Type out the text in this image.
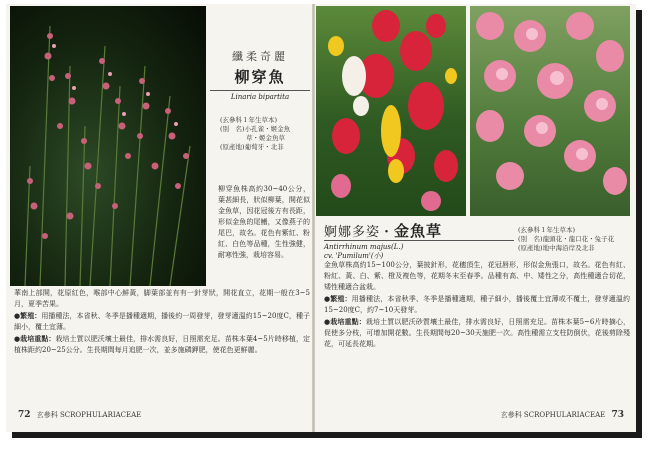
纖柔奇麗
柳穿魚
Linaria bipartita
(玄參科１年生草本)
(別　名)小孔雀・姬金魚
　　　　草・姬金魚草
(原產地)葡萄牙・北非
柳穿魚株高約30~40公分，葉甚細長，狀似柳葉，開花似金魚草，因花冠後方有長距，形似金魚的尾鰭，又像燕子的尾巴，故名。花色有紫紅、粉紅、白色等品種，生性強健，耐寒性強，栽培容易。
華南上部開，花原紅色，喉部中心鮮黃，脚葉部並有有一針芽狀，開花直立，花期一般在3~5月，夏季苦果。
●繁殖：用播種法，本省秋、冬季是播種適期，播後約一周發芽，發芽適溫約15~20度C，種子細小，覆土宜薄。
●栽培重點：栽培土質以肥沃壤土最佳，排水需良好，日照需充足。苗株本葉4~5片時移植，定植株距約20~25公分。生長期間每月追肥一次，並多施磷鉀肥，使花色更鮮麗。
72 玄參科 SCROPHULARIACEAE
婀娜多姿・金魚草
Antirrhinum majus(L.)
cv. 'Pumilum'(小)
(玄參科１年生草本)
(別　名)龍頭花・龍口花・兔子花
(原產地)地中海沿岸及北非
金魚草株高約15~100公分，葉披針形，花穗頂生，花冠唇形，形似金魚張口，故名。花色有紅、粉紅、黃、白、紫、橙及複色等，花期冬末至春季。品種有高、中、矮性之分，高性種適合切花，矮性種適合盆栽。
●繁殖：用播種法，本省秋季、冬季是播種適期，種子細小，播後覆土宜薄或不覆土，發芽適溫約15~20度C，約7~10天發芽。
●栽培重點：栽培土質以肥沃砂質壤土最佳，排水需良好，日照需充足。苗株本葉5~6片時摘心，促使多分枝，可增加開花數。生長期間每20~30天施肥一次。高性種需立支柱防倒伏，花後剪除殘花，可延長花期。
玄參科 SCROPHULARIACEAE 73
